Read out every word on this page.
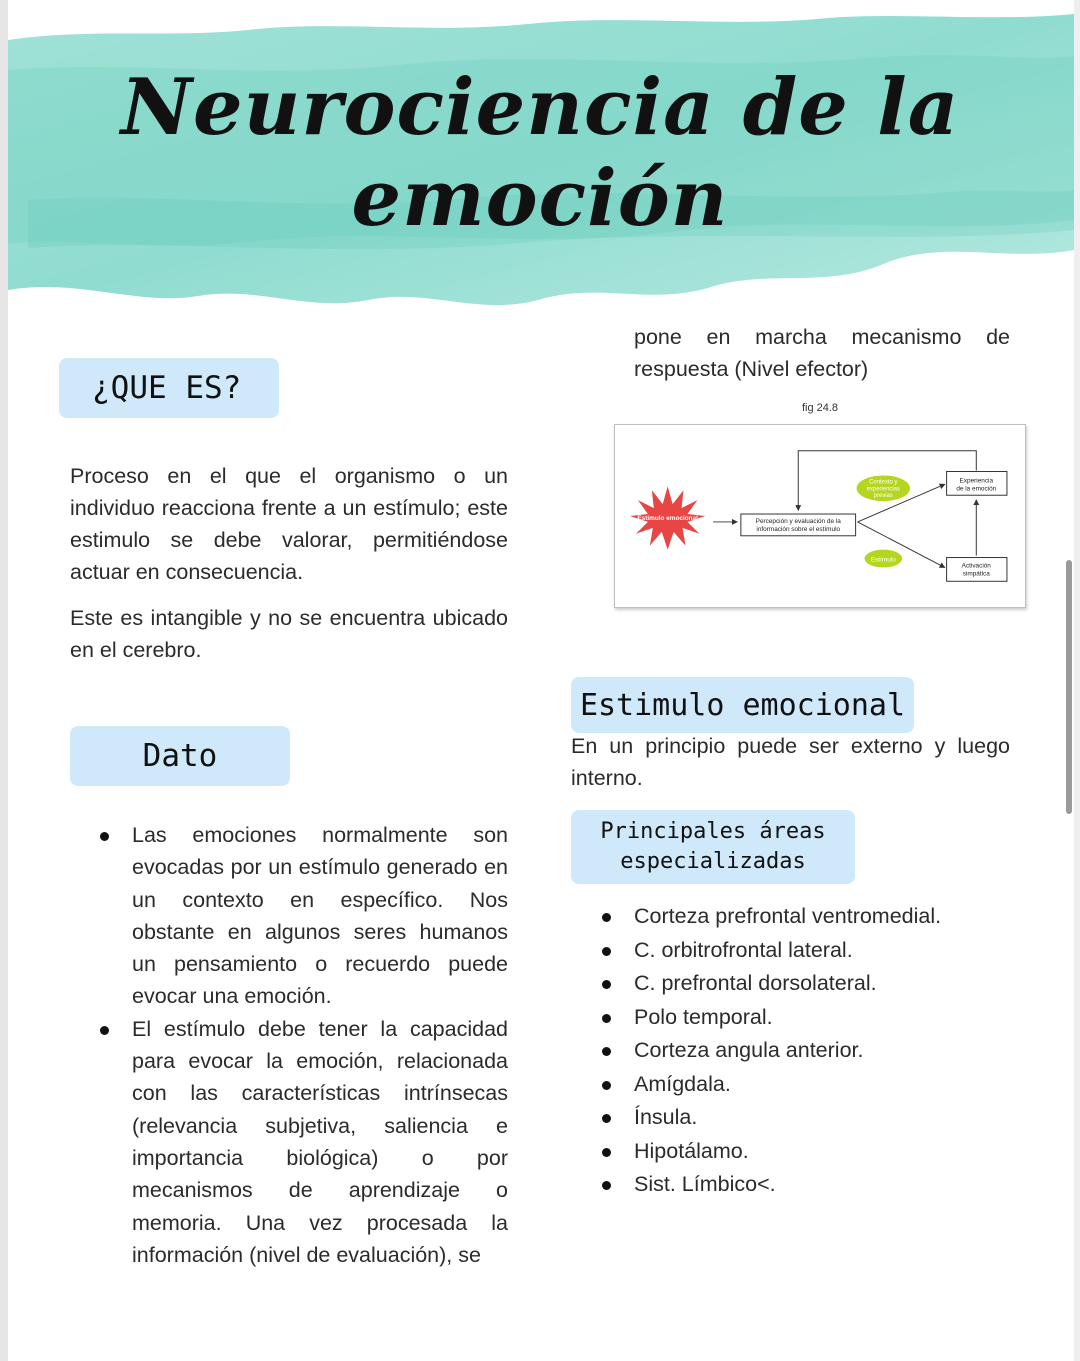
Neurociencia de la emoción
¿QUE ES?

Proceso en el que el organismo o un individuo reacciona frente a un estímulo; este estimulo se debe valorar, permitiéndose actuar en consecuencia.

Este es intangible y no se encuentra ubicado en el cerebro.

Dato
Las emociones normalmente son evocadas por un estímulo generado en un contexto en específico. Nos obstante en algunos seres humanos un pensamiento o recuerdo puede evocar una emoción.
El estímulo debe tener la capacidad para evocar la emoción, relacionada con las características intrínsecas (relevancia subjetiva, saliencia e importancia biológica) o por mecanismos de aprendizaje o memoria. Una vez procesada la información (nivel de evaluación), se

pone en marcha mecanismo de respuesta (Nivel efector)

fig 24.8
Estímulo emocional	Percepción y evaluación de la
información sobre el estímulo
Contexto y
experiencias
previas
Estímulo
Experiencia
de la emoción
Activación
simpática
Estimulo emocional

En un principio puede ser externo y luego interno.

Principales áreas
especializadas
Corteza prefrontal ventromedial.
C. orbitrofrontal lateral.
C. prefrontal dorsolateral.
Polo temporal.
Corteza angula anterior.
Amígdala.
Ínsula.
Hipotálamo.
Sist. Límbico<.
